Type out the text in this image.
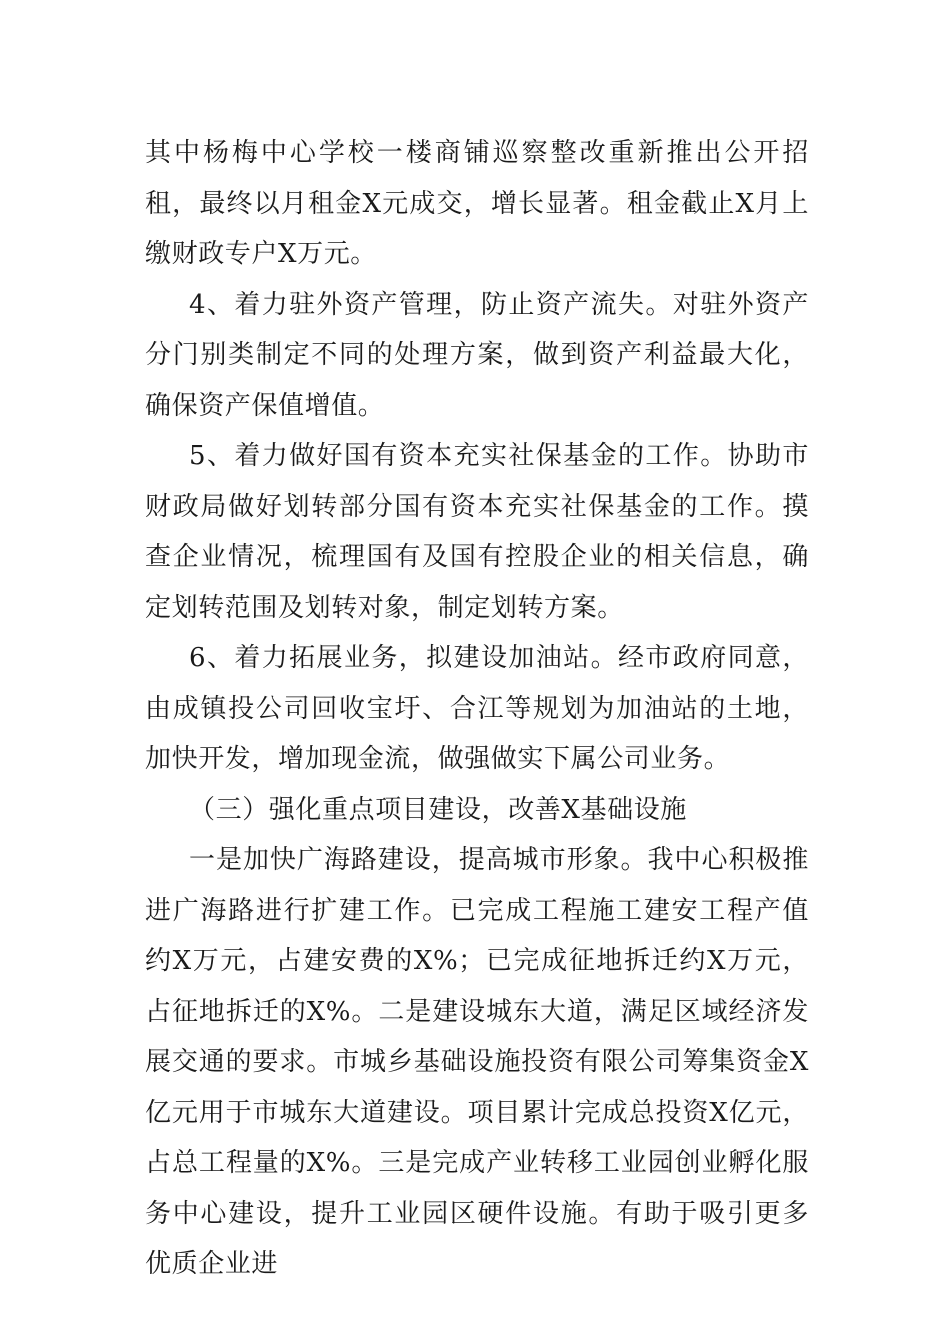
其中杨梅中心学校一楼商铺巡察整改重新推出公开招租，最终以月租金X元成交，增长显著。租金截止X月上缴财政专户X万元。

4、着力驻外资产管理，防止资产流失。对驻外资产分门别类制定不同的处理方案，做到资产利益最大化，确保资产保值增值。

5、着力做好国有资本充实社保基金的工作。协助市财政局做好划转部分国有资本充实社保基金的工作。摸查企业情况，梳理国有及国有控股企业的相关信息，确定划转范围及划转对象，制定划转方案。

6、着力拓展业务，拟建设加油站。经市政府同意，由成镇投公司回收宝圩、合江等规划为加油站的土地，加快开发，增加现金流，做强做实下属公司业务。

（三）强化重点项目建设，改善X基础设施

一是加快广海路建设，提高城市形象。我中心积极推进广海路进行扩建工作。已完成工程施工建安工程产值约X万元，占建安费的X%；已完成征地拆迁约X万元，占征地拆迁的X%。二是建设城东大道，满足区域经济发展交通的要求。市城乡基础设施投资有限公司筹集资金X亿元用于市城东大道建设。项目累计完成总投资X亿元，占总工程量的X%。三是完成产业转移工业园创业孵化服务中心建设，提升工业园区硬件设施。有助于吸引更多优质企业进
